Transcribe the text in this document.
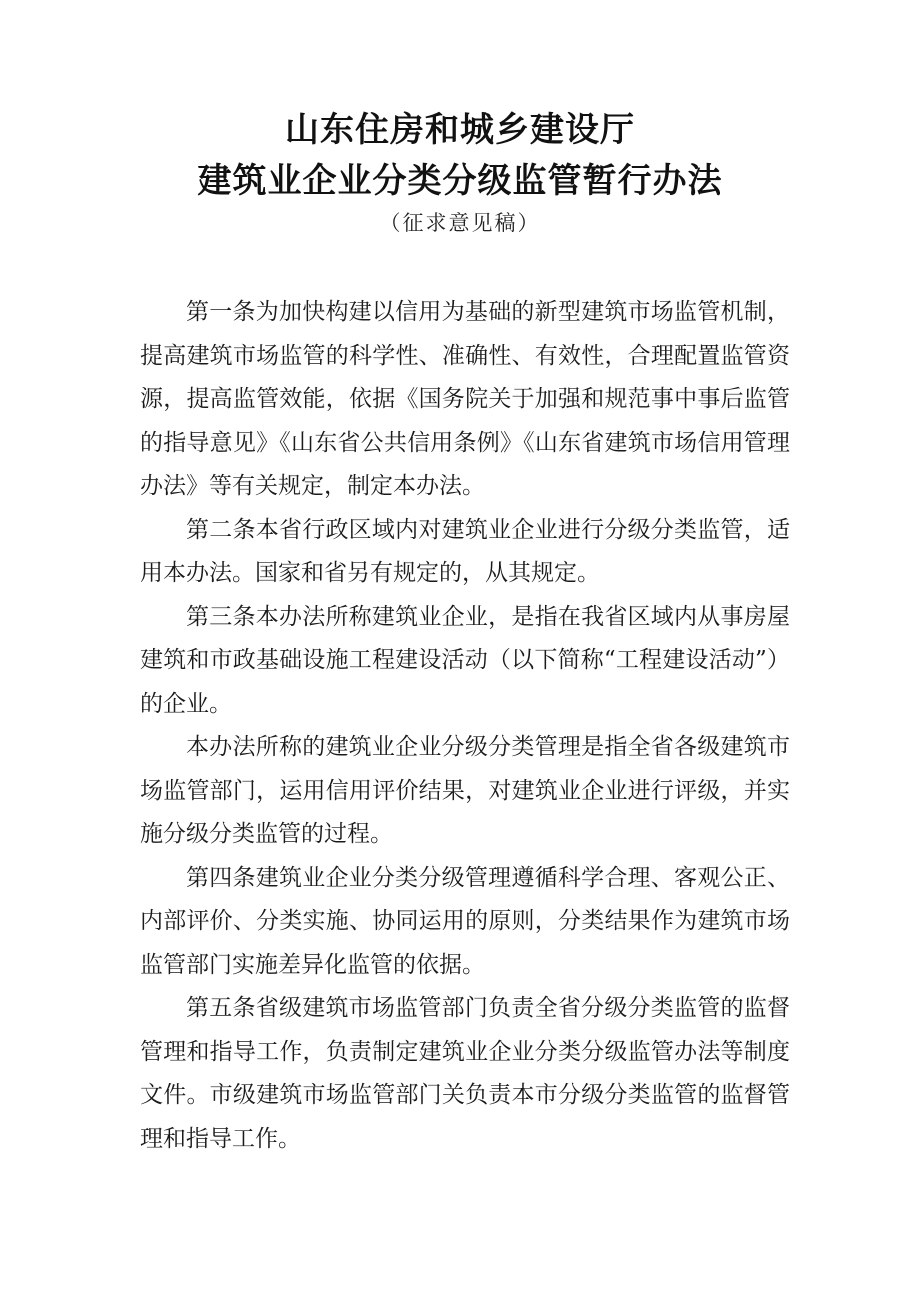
山东住房和城乡建设厅
建筑业企业分类分级监管暂行办法
（征求意见稿）

第一条为加快构建以信用为基础的新型建筑市场监管机制，提高建筑市场监管的科学性、准确性、有效性，合理配置监管资源，提高监管效能，依据《国务院关于加强和规范事中事后监管的指导意见》《山东省公共信用条例》《山东省建筑市场信用管理办法》等有关规定，制定本办法。

第二条本省行政区域内对建筑业企业进行分级分类监管，适用本办法。国家和省另有规定的，从其规定。

第三条本办法所称建筑业企业，是指在我省区域内从事房屋建筑和市政基础设施工程建设活动（以下简称“工程建设活动”）的企业。

本办法所称的建筑业企业分级分类管理是指全省各级建筑市场监管部门，运用信用评价结果，对建筑业企业进行评级，并实施分级分类监管的过程。

第四条建筑业企业分类分级管理遵循科学合理、客观公正、内部评价、分类实施、协同运用的原则，分类结果作为建筑市场监管部门实施差异化监管的依据。

第五条省级建筑市场监管部门负责全省分级分类监管的监督管理和指导工作，负责制定建筑业企业分类分级监管办法等制度文件。市级建筑市场监管部门关负责本市分级分类监管的监督管理和指导工作。
